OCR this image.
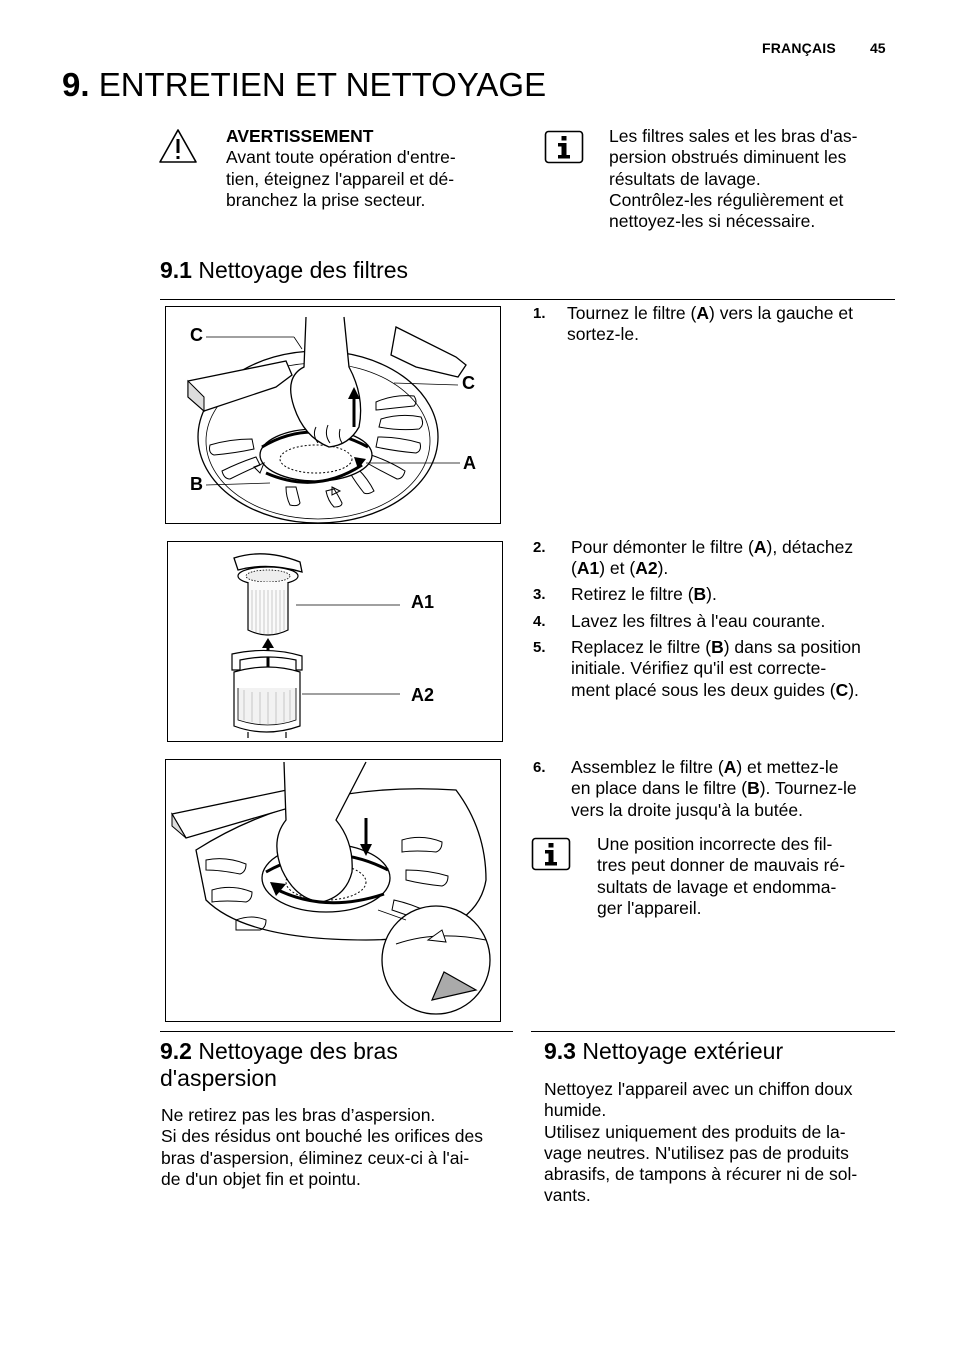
FRANÇAIS 45
9. ENTRETIEN ET NETTOYAGE
AVERTISSEMENT
Avant toute opération d'entre-
tien, éteignez l'appareil et dé-
branchez la prise secteur.
Les filtres sales et les bras d'as-
persion obstrués diminuent les
résultats de lavage.
Contrôlez-les régulièrement et
nettoyez-les si nécessaire.
9.1 Nettoyage des filtres
C
C
A
B
1. Tournez le filtre (A) vers la gauche et
sortez-le.
A1
A2
2. Pour démonter le filtre (A), détachez
(A1) et (A2).
3. Retirez le filtre (B).
4. Lavez les filtres à l'eau courante.
5. Replacez le filtre (B) dans sa position
initiale. Vérifiez qu'il est correcte-
ment placé sous les deux guides (C).
6. Assemblez le filtre (A) et mettez-le
en place dans le filtre (B). Tournez-le
vers la droite jusqu'à la butée.
Une position incorrecte des fil-
tres peut donner de mauvais ré-
sultats de lavage et endomma-
ger l'appareil.
9.2 Nettoyage des bras
d'aspersion
Ne retirez pas les bras d’aspersion.
Si des résidus ont bouché les orifices des
bras d'aspersion, éliminez ceux-ci à l'ai-
de d'un objet fin et pointu.
9.3 Nettoyage extérieur
Nettoyez l'appareil avec un chiffon doux
humide.
Utilisez uniquement des produits de la-
vage neutres. N'utilisez pas de produits
abrasifs, de tampons à récurer ni de sol-
vants.
